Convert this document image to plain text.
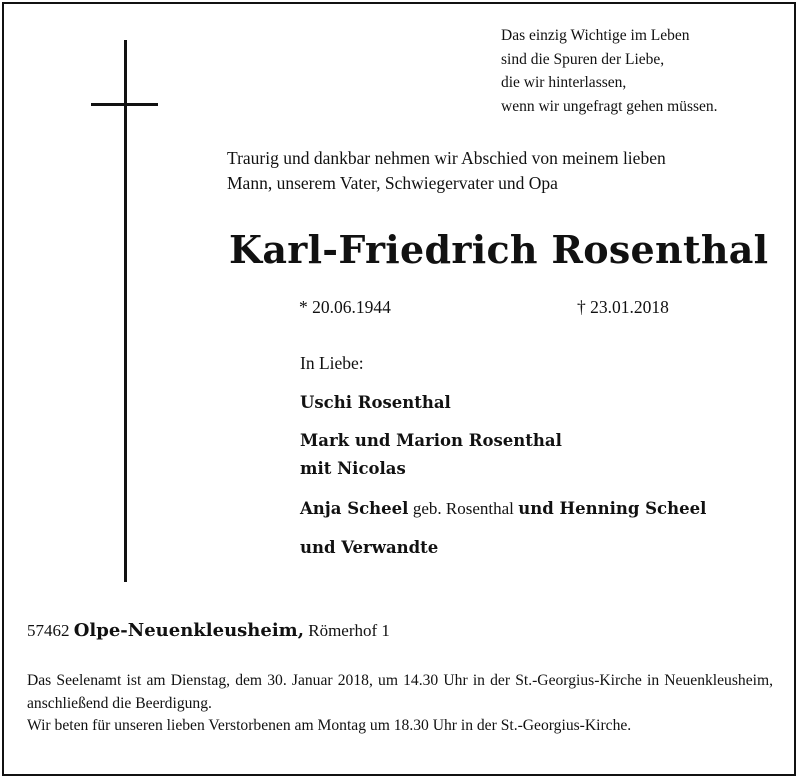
Das einzig Wichtige im Leben
sind die Spuren der Liebe,
die wir hinterlassen,
wenn wir ungefragt gehen müssen.
Traurig und dankbar nehmen wir Abschied von meinem lieben
Mann, unserem Vater, Schwiegervater und Opa
Karl-Friedrich Rosenthal
* 20.06.1944	† 23.01.2018
In Liebe:
Uschi Rosenthal
Mark und Marion Rosenthal
mit Nicolas
Anja Scheel geb. Rosenthal und Henning Scheel
und Verwandte
57462 Olpe-Neuenkleusheim, Römerhof 1

Das Seelenamt ist am Dienstag, dem 30. Januar 2018, um 14.30 Uhr in der St.-Georgius-Kirche in Neuenkleusheim, anschließend die Beerdigung.

Wir beten für unseren lieben Verstorbenen am Montag um 18.30 Uhr in der St.-Georgius-Kirche.
